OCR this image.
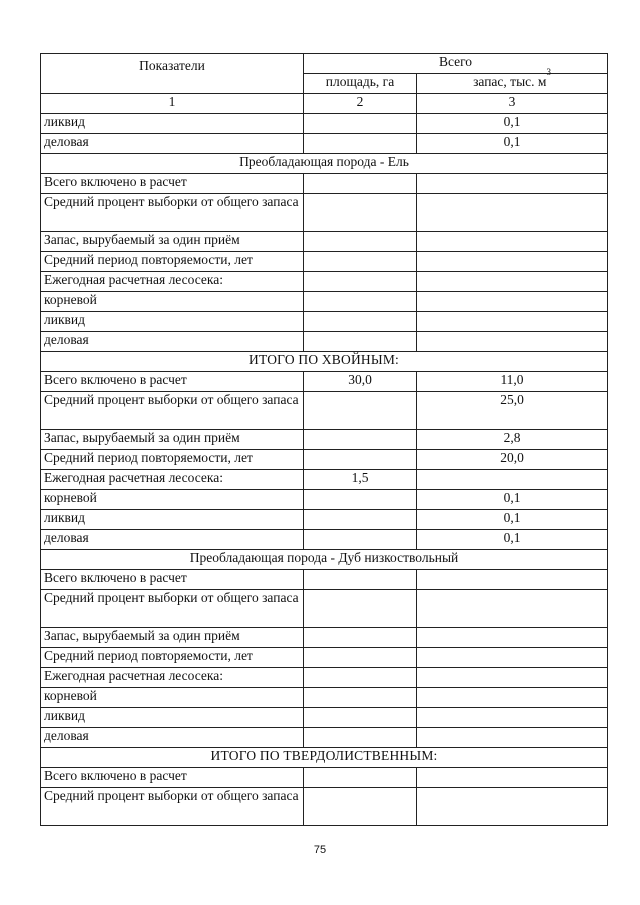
Показатели	Всего	
	площадь, га	запас, тыс. $м^3$
1	2	3
ликвид		0,1
деловая		0,1
Преобладающая порода - Ель		
Всего включено в расчет		
Средний процент выборки от общего запаса		
Запас, вырубаемый за один приём		
Средний период повторяемости, лет		
Ежегодная расчетная лесосека:		
корневой		
ликвид		
деловая		
ИТОГО ПО ХВОЙНЫМ:		
Всего включено в расчет	30,0	11,0
Средний процент выборки от общего запаса		25,0
Запас, вырубаемый за один приём		2,8
Средний период повторяемости, лет		20,0
Ежегодная расчетная лесосека:	1,5	
корневой		0,1
ликвид		0,1
деловая		0,1
Преобладающая порода - Дуб низкоствольный		
Всего включено в расчет		
Средний процент выборки от общего запаса		
Запас, вырубаемый за один приём		
Средний период повторяемости, лет		
Ежегодная расчетная лесосека:		
корневой		
ликвид		
деловая		
ИТОГО ПО ТВЕРДОЛИСТВЕННЫМ:		
Всего включено в расчет		
Средний процент выборки от общего запаса		
75
